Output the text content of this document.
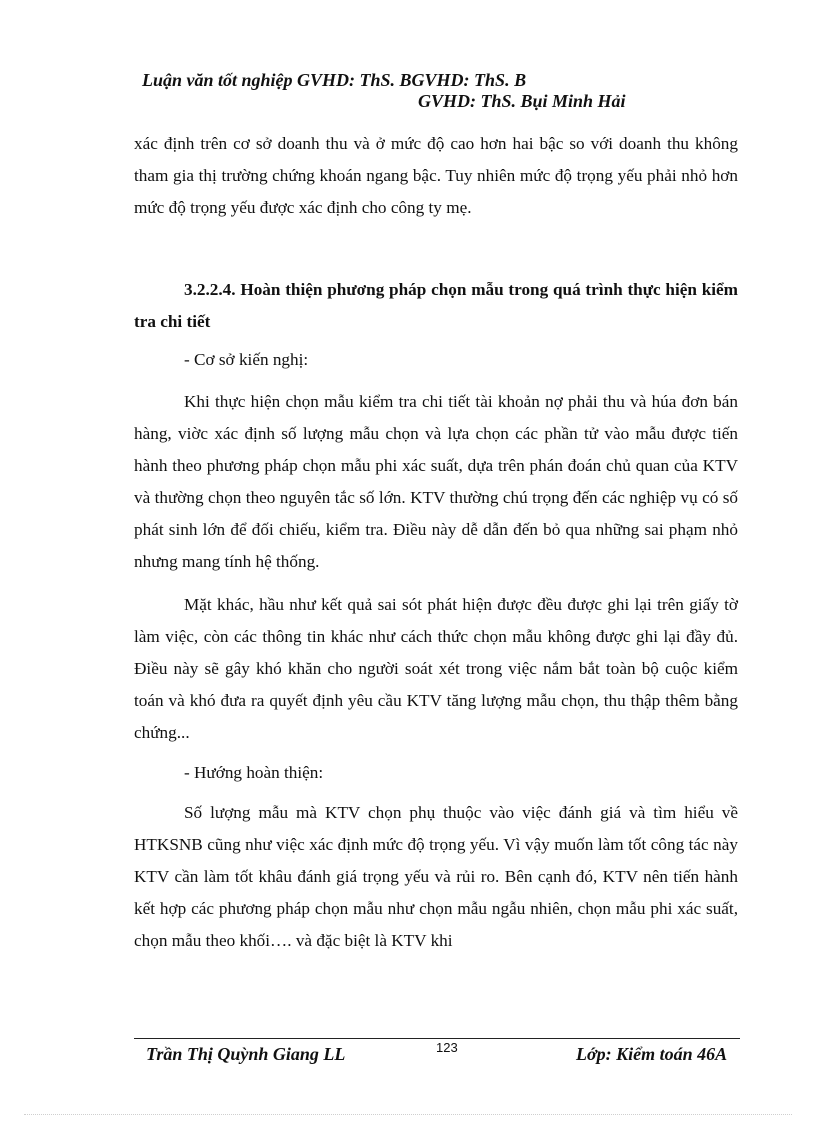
Luận văn tốt nghiệp GVHD: ThS. BGVHD: ThS. B
GVHD: ThS. Bụi Minh Hải

xác định trên cơ sở doanh thu và ở mức độ cao hơn hai bậc so với doanh thu không tham gia thị trường chứng khoán ngang bậc. Tuy nhiên mức độ trọng yếu phải nhỏ hơn mức độ trọng yếu được xác định cho công ty mẹ.

3.2.2.4. Hoàn thiện phương pháp chọn mẫu trong quá trình thực hiện kiểm tra chi tiết

- Cơ sở kiến nghị:

Khi thực hiện chọn mẫu kiểm tra chi tiết tài khoản nợ phải thu và húa đơn bán hàng, viờc xác định số lượng mẫu chọn và lựa chọn các phần tử vào mẫu được tiến hành theo phương pháp chọn mẫu phi xác suất, dựa trên phán đoán chủ quan của KTV và thường chọn theo nguyên tắc số lớn. KTV thường chú trọng đến các nghiệp vụ có số phát sinh lớn để đối chiếu, kiểm tra. Điều này dễ dẫn đến bỏ qua những sai phạm nhỏ nhưng mang tính hệ thống.

Mặt khác, hầu như kết quả sai sót phát hiện được đều được ghi lại trên giấy tờ làm việc, còn các thông tin khác như cách thức chọn mẫu không được ghi lại đầy đủ. Điều này sẽ gây khó khăn cho người soát xét trong việc nắm bắt toàn bộ cuộc kiểm toán và khó đưa ra quyết định yêu cầu KTV tăng lượng mẫu chọn, thu thập thêm bằng chứng...

- Hướng hoàn thiện:

Số lượng mẫu mà KTV chọn phụ thuộc vào việc đánh giá và tìm hiểu về HTKSNB cũng như việc xác định mức độ trọng yếu. Vì vậy muốn làm tốt công tác này KTV cần làm tốt khâu đánh giá trọng yếu và rủi ro. Bên cạnh đó, KTV nên tiến hành kết hợp các phương pháp chọn mẫu như chọn mẫu ngẫu nhiên, chọn mẫu phi xác suất, chọn mẫu theo khối…. và đặc biệt là KTV khi

Trần Thị Quỳnh Giang LL	123	Lớp: Kiểm toán 46A
